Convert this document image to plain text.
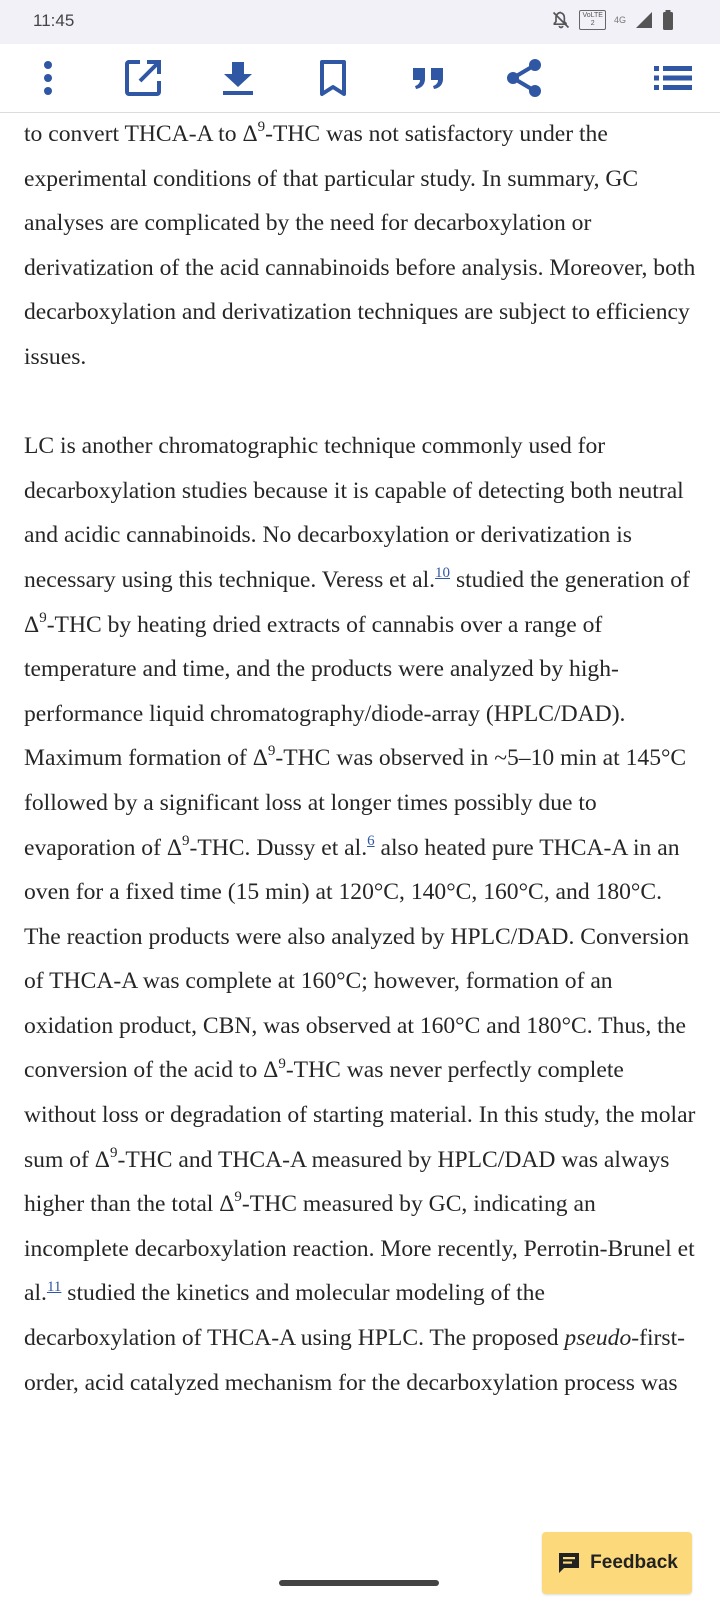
11:45	VoLTE
2	4G

to convert THCA-A to $\Delta^9$-THC was not satisfactory under the experimental conditions of that particular study. In summary, GC analyses are complicated by the need for decarboxylation or derivatization of the acid cannabinoids before analysis. Moreover, both decarboxylation and derivatization techniques are subject to efficiency issues.

LC is another chromatographic technique commonly used for decarboxylation studies because it is capable of detecting both neutral and acidic cannabinoids. No decarboxylation or derivatization is necessary using this technique. Veress et al.$^{10}$ studied the generation of $\Delta^9$-THC by heating dried extracts of cannabis over a range of temperature and time, and the products were analyzed by high-performance liquid chromatography/diode-array (HPLC/DAD). Maximum formation of $\Delta^9$-THC was observed in ~5–10 min at 145°C followed by a significant loss at longer times possibly due to evaporation of $\Delta^9$-THC. Dussy et al.$^6$ also heated pure THCA-A in an oven for a fixed time (15 min) at 120°C, 140°C, 160°C, and 180°C. The reaction products were also analyzed by HPLC/DAD. Conversion of THCA-A was complete at 160°C; however, formation of an oxidation product, CBN, was observed at 160°C and 180°C. Thus, the conversion of the acid to $\Delta^9$-THC was never perfectly complete without loss or degradation of starting material. In this study, the molar sum of $\Delta^9$-THC and THCA-A measured by HPLC/DAD was always higher than the total $\Delta^9$-THC measured by GC, indicating an incomplete decarboxylation reaction. More recently, Perrotin-Brunel et al.$^{11}$ studied the kinetics and molecular modeling of the decarboxylation of THCA-A using HPLC. The proposed pseudo-first-order, acid catalyzed mechanism for the decarboxylation process was

Feedback
